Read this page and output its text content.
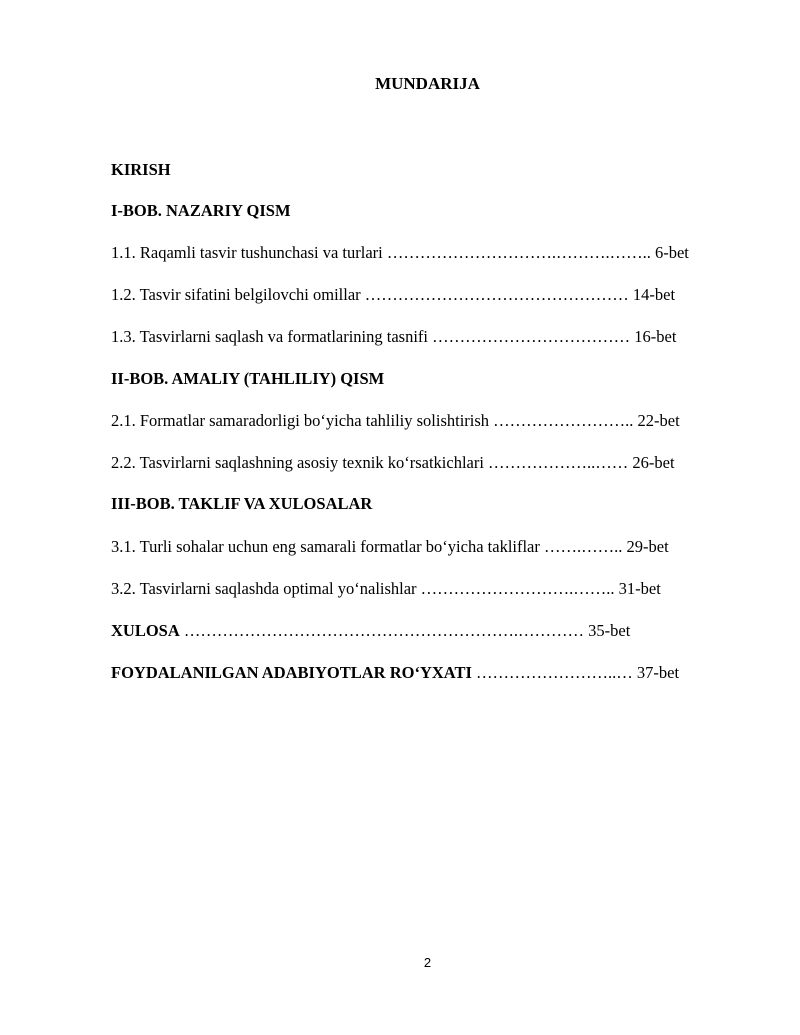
MUNDARIJA
KIRISH
I-BOB. NAZARIY QISM
1.1. Raqamli tasvir tushunchasi va turlari ………………………….……….…….. 6-bet
1.2. Tasvir sifatini belgilovchi omillar ………………………………………… 14-bet
1.3. Tasvirlarni saqlash va formatlarining tasnifi ……………………………… 16-bet
II-BOB. AMALIY (TAHLILIY) QISM
2.1. Formatlar samaradorligi bo‘yicha tahliliy solishtirish …………………….. 22-bet
2.2. Tasvirlarni saqlashning asosiy texnik ko‘rsatkichlari ………………..…… 26-bet
III-BOB. TAKLIF VA XULOSALAR
3.1. Turli sohalar uchun eng samarali formatlar bo‘yicha takliflar …….…….. 29-bet
3.2. Tasvirlarni saqlashda optimal yo‘nalishlar ……………………….…….. 31-bet
XULOSA …………………………………………………….………… 35-bet
FOYDALANILGAN ADABIYOTLAR RO‘YXATI ……………………..… 37-bet
2
